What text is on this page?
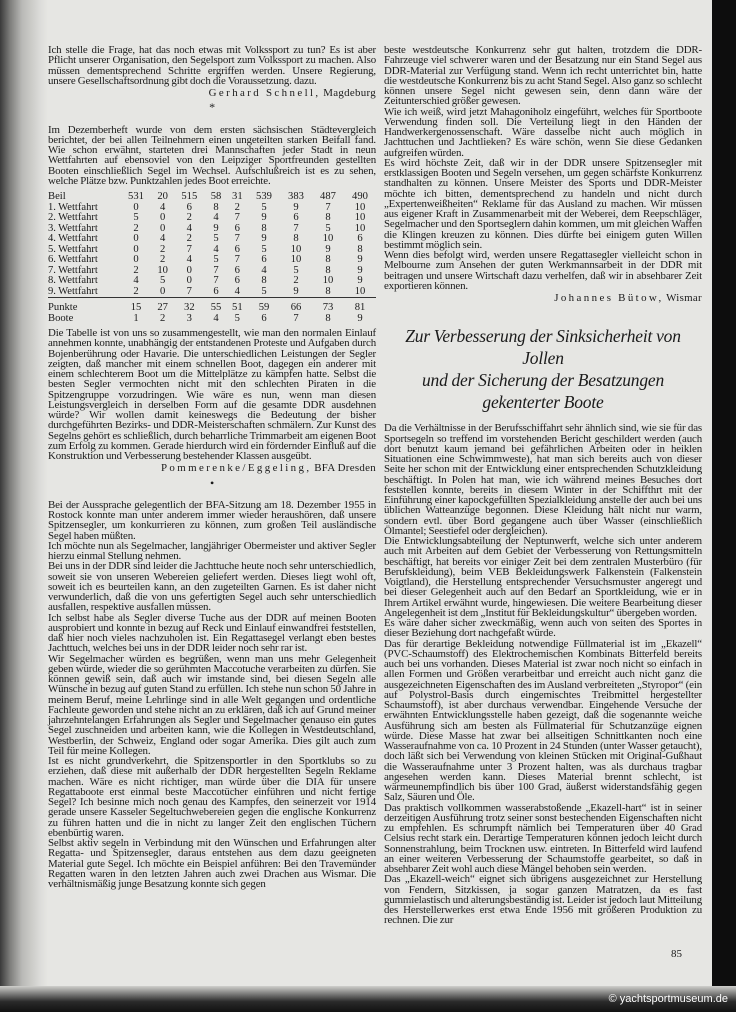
Ich stelle die Frage, hat das noch etwas mit Volkssport zu tun? Es ist aber Pflicht unserer Organisation, den Segelsport zum Volkssport zu machen. Also müssen dementsprechend Schritte ergriffen werden. Unsere Regierung, unsere Gesellschaftsordnung gibt doch die Voraussetzung. dazu.

Gerhard Schnell, Magdeburg
*

Im Dezemberheft wurde von dem ersten sächsischen Städtevergleich berichtet, der bei allen Teilnehmern einen ungeteilten starken Beifall fand. Wie schon erwähnt, starteten drei Mannschaften jeder Stadt in neun Wettfahrten auf ebensoviel von den Leipziger Sportfreunden gestellten Booten einschließlich Segel im Wechsel. Aufschlußreich ist es zu sehen, welche Plätze bzw. Punktzahlen jedes Boot erreichte.

Beil	531	20	515	58	31	539	383	487	490
1. Wettfahrt	0	4	6	8	2	5	9	7	10
2. Wettfahrt	5	0	2	4	7	9	6	8	10
3. Wettfahrt	2	0	4	9	6	8	7	5	10
4. Wettfahrt	0	4	2	5	7	9	8	10	6
5. Wettfahrt	0	2	7	4	6	5	10	9	8
6. Wettfahrt	0	2	4	5	7	6	10	8	9
7. Wettfahrt	2	10	0	7	6	4	5	8	9
8. Wettfahrt	4	5	0	7	6	8	2	10	9
9. Wettfahrt	2	0	7	6	4	5	9	8	10

Punkte	15	27	32	55	51	59	66	73	81
Boote	1	2	3	4	5	6	7	8	9

Die Tabelle ist von uns so zusammengestellt, wie man den normalen Einlauf annehmen konnte, unabhängig der entstandenen Proteste und Aufgaben durch Bojenberührung oder Havarie. Die unterschiedlichen Leistungen der Segler zeigten, daß mancher mit einem schnellen Boot, dagegen ein anderer mit einem schlechterem Boot um die Mittelplätze zu kämpfen hatte. Selbst die besten Segler vermochten nicht mit den schlechten Piraten in die Spitzengruppe vorzudringen. Wie wäre es nun, wenn man diesen Leistungsvergleich in derselben Form auf die gesamte DDR ausdehnen würde? Wir wollen damit keineswegs die Bedeutung der bisher durchgeführten Bezirks- und DDR-Meisterschaften schmälern. Zur Kunst des Segelns gehört es schließlich, durch beharrliche Trimmarbeit am eigenen Boot zum Erfolg zu kommen. Gerade hierdurch wird ein fördernder Einfluß auf die Konstruktion und Verbesserung bestehender Klassen ausgeübt.

Pommerenke/Eggeling, BFA Dresden
•

Bei der Aussprache gelegentlich der BFA-Sitzung am 18. Dezember 1955 in Rostock konnte man unter anderem immer wieder heraushören, daß unsere Spitzensegler, um konkurrieren zu können, zum großen Teil ausländische Segel haben müßten.

Ich möchte nun als Segelmacher, langjähriger Obermeister und aktiver Segler hierzu einmal Stellung nehmen.

Bei uns in der DDR sind leider die Jachttuche heute noch sehr unterschiedlich, soweit sie von unseren Webereien geliefert werden. Dieses liegt wohl oft, soweit ich es beurteilen kann, an den zugeteilten Garnen. Es ist daher nicht verwunderlich, daß die von uns gefertigten Segel auch sehr unterschiedlich ausfallen, respektive ausfallen müssen.

Ich selbst habe als Segler diverse Tuche aus der DDR auf meinen Booten ausprobiert und konnte in bezug auf Reck und Einlauf einwandfrei feststellen, daß hier noch vieles nachzuholen ist. Ein Regattasegel verlangt eben bestes Jachttuch, welches bei uns in der DDR leider noch sehr rar ist.

Wir Segelmacher würden es begrüßen, wenn man uns mehr Gelegenheit geben würde, wieder die so gerühmten Maccotuche verarbeiten zu dürfen. Sie können gewiß sein, daß auch wir imstande sind, bei diesen Segeln alle Wünsche in bezug auf guten Stand zu erfüllen. Ich stehe nun schon 50 Jahre in meinem Beruf, meine Lehrlinge sind in alle Welt gegangen und ordentliche Fachleute geworden und stehe nicht an zu erklären, daß ich auf Grund meiner jahrzehntelangen Erfahrungen als Segler und Segelmacher genauso ein gutes Segel zuschneiden und arbeiten kann, wie die Kollegen in Westdeutschland, Westberlin, der Schweiz, England oder sogar Amerika. Dies gilt auch zum Teil für meine Kollegen.

Ist es nicht grundverkehrt, die Spitzensportler in den Sportklubs so zu erziehen, daß diese mit außerhalb der DDR hergestellten Segeln Reklame machen. Wäre es nicht richtiger, man würde über die DIA für unsere Regattaboote erst einmal beste Maccotücher einführen und nicht fertige Segel? Ich besinne mich noch genau des Kampfes, den seinerzeit vor 1914 gerade unsere Kasseler Segeltuchwebereien gegen die englische Konkurrenz zu führen hatten und die in nicht zu langer Zeit den englischen Tüchern ebenbürtig waren.

Selbst aktiv segeln in Verbindung mit den Wünschen und Erfahrungen alter Regatta- und Spitzensegler, daraus entstehen aus dem dazu geeigneten Material gute Segel. Ich möchte ein Beispiel anführen: Bei den Travemünder Regatten waren in den letzten Jahren auch zwei Drachen aus Wismar. Die verhältnismäßig junge Besatzung konnte sich gegen

beste westdeutsche Konkurrenz sehr gut halten, trotzdem die DDR-Fahrzeuge viel schwerer waren und der Besatzung nur ein Stand Segel aus DDR-Material zur Verfügung stand. Wenn ich recht unterrichtet bin, hatte die westdeutsche Konkurrenz bis zu acht Stand Segel. Also ganz so schlecht können unsere Segel nicht gewesen sein, denn dann wäre der Zeitunterschied größer gewesen.

Wie ich weiß, wird jetzt Mahagoniholz eingeführt, welches für Sportboote Verwendung finden soll. Die Verteilung liegt in den Händen der Handwerkergenossenschaft. Wäre dasselbe nicht auch möglich in Jachttuchen und Jachtlieken? Es wäre schön, wenn Sie diese Gedanken aufgreifen würden.

Es wird höchste Zeit, daß wir in der DDR unsere Spitzensegler mit erstklassigen Booten und Segeln versehen, um gegen schärfste Konkurrenz standhalten zu können. Unsere Meister des Sports und DDR-Meister möchte ich bitten, dementsprechend zu handeln und nicht durch „Expertenweißheiten“ Reklame für das Ausland zu machen. Wir müssen aus eigener Kraft in Zusammenarbeit mit der Weberei, dem Reepschläger, Segelmacher und den Sportseglern dahin kommen, um mit gleichen Waffen die Klingen kreuzen zu können. Dies dürfte bei einigem guten Willen bestimmt möglich sein.

Wenn dies befolgt wird, werden unsere Regattasegler vielleicht schon in Melbourne zum Ansehen der guten Werkmannsarbeit in der DDR mit beitragen und unsere Wirtschaft dazu verhelfen, daß wir in absehbarer Zeit exportieren können.

Johannes Bütow, Wismar
Zur Verbesserung der Sinksicherheit von Jollen
und der Sicherung der Besatzungen gekenterter Boote

Da die Verhältnisse in der Berufsschiffahrt sehr ähnlich sind, wie sie für das Sportsegeln so treffend im vorstehenden Bericht geschildert werden (auch dort benutzt kaum jemand bei gefährlichen Arbeiten oder in heiklen Situationen eine Schwimmweste), hat man sich bereits auch von dieser Seite her schon mit der Entwicklung einer entsprechenden Schutzkleidung beschäftigt. In Polen hat man, wie ich während meines Besuches dort feststellen konnte, bereits in diesem Winter in der Schiffthrt mit der Einführung einer kapockgefüllten Spezialkleidung anstelle der auch bei uns üblichen Watteanzüge begonnen. Diese Kleidung hält nicht nur warm, sondern evtl. über Bord gegangene auch über Wasser (einschließlich Ölmantel; Seestiefel oder dergleichen).

Die Entwicklungsabteilung der Neptunwerft, welche sich unter anderem auch mit Arbeiten auf dem Gebiet der Verbesserung von Rettungsmitteln beschäftigt, hat bereits vor einiger Zeit bei dem zentralen Musterbüro (für Berufskleidung), beim VEB Bekleidungswerk Falkenstein (Falkenstein Voigtland), die Herstellung entsprechender Versuchsmuster angeregt und bei dieser Gelegenheit auch auf den Bedarf an Sportkleidung, wie er in Ihrem Artikel erwähnt wurde, hingewiesen. Die weitere Bearbeitung dieser Angelegenheit ist dem „Institut für Bekleidungskultur“ übergeben worden.

Es wäre daher sicher zweckmäßig, wenn auch von seiten des Sportes in dieser Beziehung dort nachgefaßt würde.

Das für derartige Bekleidung notwendige Füllmaterial ist im „Ekazell“ (PVC-Schaumstoff) des Elektrochemischen Kombinats Bitterfeld bereits auch bei uns vorhanden. Dieses Material ist zwar noch nicht so einfach in allen Formen und Größen verarbeitbar und erreicht auch nicht ganz die ausgezeichneten Eigenschaften des im Ausland verbreiteten „Styropor“ (ein auf Polystrol-Basis durch eingemischtes Treibmittel hergestellter Schaumstoff), ist aber durchaus verwendbar. Eingehende Versuche der erwähnten Entwicklungsstelle haben gezeigt, daß die sogenannte weiche Ausführung sich am besten als Füllmaterial für Schutzanzüge eignen würde. Diese Masse hat zwar bei allseitigen Schnittkanten noch eine Wasseraufnahme von ca. 10 Prozent in 24 Stunden (unter Wasser getaucht), doch läßt sich bei Verwendung von kleinen Stücken mit Original-Gußhaut die Wasseraufnahme unter 3 Prozent halten, was als durchaus tragbar angesehen werden kann. Dieses Material brennt schlecht, ist wärmeunempfindlich bis über 100 Grad, äußerst widerstandsfähig gegen Salz, Säuren und Öle.

Das praktisch vollkommen wasserabstoßende „Ekazell-hart“ ist in seiner derzeitigen Ausführung trotz seiner sonst bestechenden Eigenschaften nicht zu empfehlen. Es schrumpft nämlich bei Temperaturen über 40 Grad Celsius recht stark ein. Derartige Temperaturen können jedoch leicht durch Sonnenstrahlung, beim Trocknen usw. eintreten. In Bitterfeld wird laufend an einer weiteren Verbesserung der Schaumstoffe gearbeitet, so daß in absehbarer Zeit wohl auch diese Mängel behoben sein werden.

Das „Ekazell-weich“ eignet sich übrigens ausgezeichnet zur Herstellung von Fendern, Sitzkissen, ja sogar ganzen Matratzen, da es fast gummielastisch und alterungsbeständig ist. Leider ist jedoch laut Mitteilung des Herstellerwerkes erst etwa Ende 1956 mit größeren Produktion zu rechnen. Die zur

85
© yachtsportmuseum.de
